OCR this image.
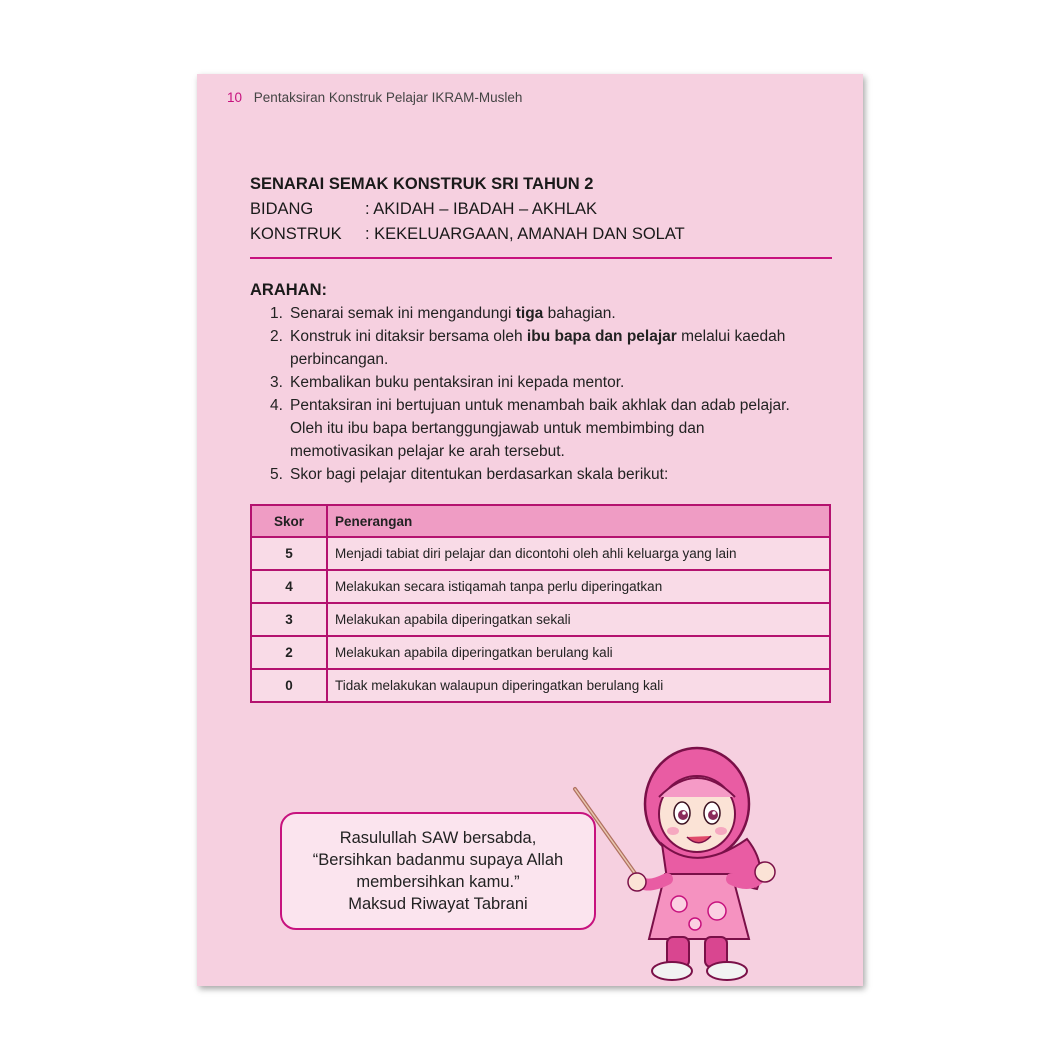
10 Pentaksiran Konstruk Pelajar IKRAM-Musleh
SENARAI SEMAK KONSTRUK SRI TAHUN 2
BIDANG	: AKIDAH – IBADAH – AKHLAK
KONSTRUK	: KEKELUARGAAN, AMANAH DAN SOLAT
ARAHAN:
1. Senarai semak ini mengandungi tiga bahagian.
2. Konstruk ini ditaksir bersama oleh ibu bapa dan pelajar melalui kaedah perbincangan.
3. Kembalikan buku pentaksiran ini kepada mentor.
4. Pentaksiran ini bertujuan untuk menambah baik akhlak dan adab pelajar. Oleh itu ibu bapa bertanggungjawab untuk membimbing dan memotivasikan pelajar ke arah tersebut.
5. Skor bagi pelajar ditentukan berdasarkan skala berikut:
Skor	Penerangan
5	Menjadi tabiat diri pelajar dan dicontohi oleh ahli keluarga yang lain
4	Melakukan secara istiqamah tanpa perlu diperingatkan
3	Melakukan apabila diperingatkan sekali
2	Melakukan apabila diperingatkan berulang kali
0	Tidak melakukan walaupun diperingatkan berulang kali
Rasulullah SAW bersabda,
“Bersihkan badanmu supaya Allah
membersihkan kamu.”
Maksud Riwayat Tabrani
